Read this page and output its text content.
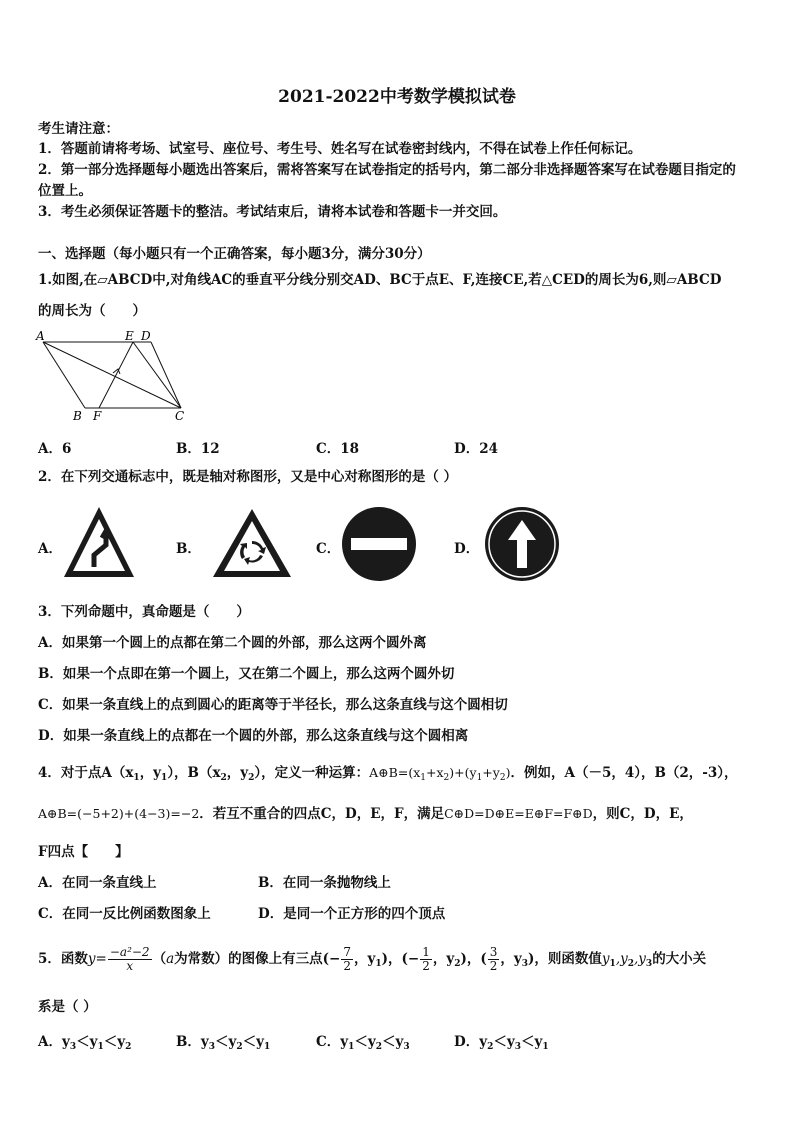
2021-2022中考数学模拟试卷
考生请注意：
1．答题前请将考场、试室号、座位号、考生号、姓名写在试卷密封线内，不得在试卷上作任何标记。
2．第一部分选择题每小题选出答案后，需将答案写在试卷指定的括号内，第二部分非选择题答案写在试卷题目指定的
位置上。
3．考生必须保证答题卡的整洁。考试结束后，请将本试卷和答题卡一并交回。
一、选择题（每小题只有一个正确答案，每小题3分，满分30分）
1.如图,在▱ABCD中,对角线AC的垂直平分线分别交AD、BC于点E、F,连接CE,若△CED的周长为6,则▱ABCD
的周长为（　　）
A	E D
B F	C
A．6	B．12	C．18	D．24
2．在下列交通标志中，既是轴对称图形，又是中心对称图形的是（ ）
A．	B．	C．	D．
3．下列命题中，真命题是（　　）
A．如果第一个圆上的点都在第二个圆的外部，那么这两个圆外离
B．如果一个点即在第一个圆上，又在第二个圆上，那么这两个圆外切
C．如果一条直线上的点到圆心的距离等于半径长，那么这条直线与这个圆相切
D．如果一条直线上的点都在一个圆的外部，那么这条直线与这个圆相离
4．对于点$A(x_1$，$y_1$），$B(x_2$，$y_2$），定义一种运算：$A\oplus B=(x_1+x_2)+(y_1+y_2)$．例如，A（－5，4），B（2，-3），
A⊕B=(−5+2)+(4−3)=−2．若互不重合的四点C，D，E，F，满足C⊕D=D⊕E=E⊕F=F⊕D，则C，D，E，
F四点【　　】
A．在同一条直线上	B．在同一条抛物线上
C．在同一反比例函数图象上	D．是同一个正方形的四个顶点
5．函数$y= \frac{\text{−a²−2}}{x} (a$为常数）的图像上有三点(− $\frac{7}{2}$ ，$y_1$)，(− $\frac{1}{2}$ ，$y_2$)，( $\frac{3}{2}$ ，$y_3$)，则函数值$y_1,y_2,y_3$的大小关
系是（ ）
A．$y_3<y_1<y_2$	B．$y_3<y_2<y_1$	C．$y_1<y_2<y_3$	D．$y_2<y_3<y_1$
